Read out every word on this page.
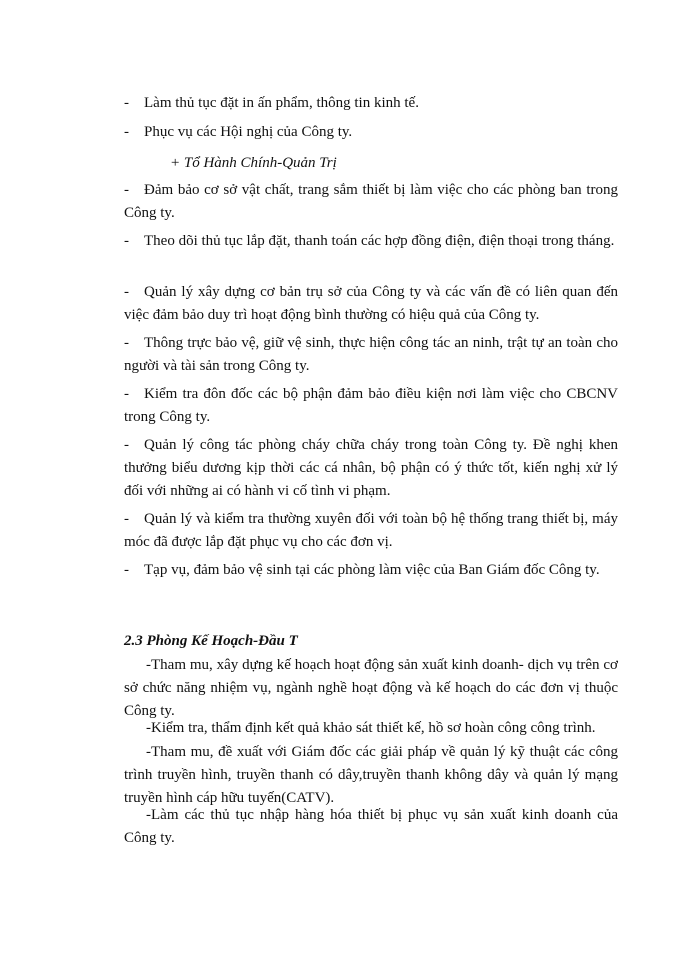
-	Làm thủ tục đặt in ấn phẩm, thông tin kinh tế.
-	Phục vụ các Hội nghị của Công ty.
+ Tổ Hành Chính-Quản Trị
-	Đảm bảo cơ sở vật chất, trang sắm thiết bị làm việc cho các phòng ban trong Công ty.
-	Theo dõi thủ tục lắp đặt, thanh toán các hợp đồng điện, điện thoại trong tháng.
-	Quản lý xây dựng cơ bản trụ sở của Công ty và các vấn đề có liên quan đến việc đảm bảo duy trì hoạt động bình thường có hiệu quả của Công ty.
-	Thông trực bảo vệ, giữ vệ sinh, thực hiện công tác an ninh, trật tự an toàn cho người và tài sản trong Công ty.
-	Kiểm tra đôn đốc các bộ phận đảm bảo điều kiện nơi làm việc cho CBCNV trong Công ty.
-	Quản lý công tác phòng cháy chữa cháy trong toàn Công ty. Đề nghị khen thưởng biểu dương kịp thời các cá nhân, bộ phận có ý thức tốt, kiến nghị xử lý đối với những ai có hành vi cố tình vi phạm.
-	Quản lý và kiểm tra thường xuyên đối với toàn bộ hệ thống trang thiết bị, máy móc đã được lắp đặt phục vụ cho các đơn vị.
-	Tạp vụ, đảm bảo vệ sinh tại các phòng làm việc của Ban Giám đốc Công ty.
2.3 Phòng Kế Hoạch-Đầu T
-Tham mu, xây dựng kế hoạch hoạt động sản xuất kinh doanh- dịch vụ trên cơ sở chức năng nhiệm vụ, ngành nghề hoạt động và kế hoạch do các đơn vị thuộc Công ty.
-Kiểm tra, thẩm định kết quả khảo sát thiết kế, hồ sơ hoàn công công trình.
-Tham mu, đề xuất với Giám đốc các giải pháp về quản lý kỹ thuật các công trình truyền hình, truyền thanh có dây,truyền thanh không dây và quản lý mạng truyền hình cáp hữu tuyến(CATV).
-Làm các thủ tục nhập hàng hóa thiết bị phục vụ sản xuất kinh doanh của Công ty.
